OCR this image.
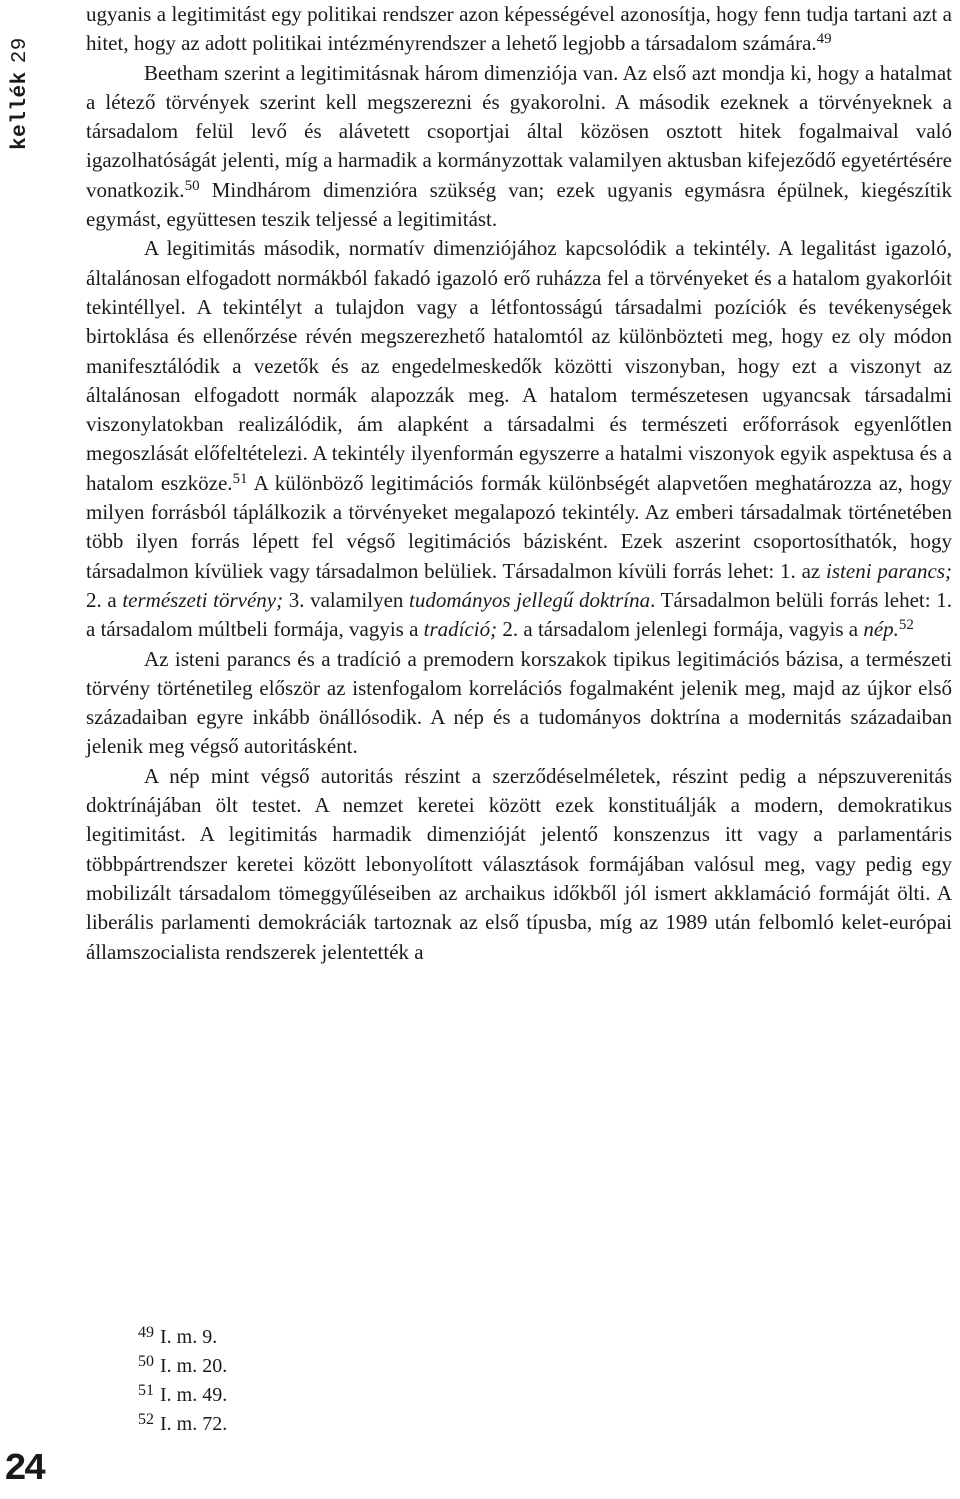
kellék29

ugyanis a legitimitást egy politikai rendszer azon képességével azonosítja, hogy fenn tudja tartani azt a hitet, hogy az adott politikai intézményrendszer a lehető legjobb a társadalom számára.$^{49}$

Beetham szerint a legitimitásnak három dimenziója van. Az első azt mondja ki, hogy a hatalmat a létező törvények szerint kell megszerezni és gyakorolni. A második ezeknek a törvényeknek a társadalom felül levő és alávetett csoportjai által közösen osztott hitek fogalmaival való igazolhatóságát jelenti, míg a harmadik a kormányzottak valamilyen aktusban kifejeződő egyetértésére vonatkozik.$^{50}$ Mindhárom dimenzióra szükség van; ezek ugyanis egymásra épülnek, kiegészítik egymást, együttesen teszik teljessé a legitimitást.

A legitimitás második, normatív dimenziójához kapcsolódik a tekintély. A legalitást igazoló, általánosan elfogadott normákból fakadó igazoló erő ruházza fel a törvényeket és a hatalom gyakorlóit tekintéllyel. A tekintélyt a tulajdon vagy a létfontosságú társadalmi pozíciók és tevékenységek birtoklása és ellenőrzése révén megszerezhető hatalomtól az különbözteti meg, hogy ez oly módon manifesztálódik a vezetők és az engedelmeskedők közötti viszonyban, hogy ezt a viszonyt az általánosan elfogadott normák alapozzák meg. A hatalom természetesen ugyancsak társadalmi viszonylatokban realizálódik, ám alapként a társadalmi és természeti erőforrások egyenlőtlen megoszlását előfeltételezi. A tekintély ilyenformán egyszerre a hatalmi viszonyok egyik aspektusa és a hatalom eszköze.$^{51}$ A különböző legitimációs formák különbségét alapvetően meghatározza az, hogy milyen forrásból táplálkozik a törvényeket megalapozó tekintély. Az emberi társadalmak történetében több ilyen forrás lépett fel végső legitimációs bázisként. Ezek aszerint csoportosíthatók, hogy társadalmon kívüliek vagy társadalmon belüliek. Társadalmon kívüli forrás lehet: 1. az isteni parancs; 2. a természeti törvény; 3. valamilyen tudományos jellegű doktrína. Társadalmon belüli forrás lehet: 1. a társadalom múltbeli formája, vagyis a tradíció; 2. a társadalom jelenlegi formája, vagyis a nép.$^{52}$

Az isteni parancs és a tradíció a premodern korszakok tipikus legitimációs bázisa, a természeti törvény történetileg először az istenfogalom korrelációs fogalmaként jelenik meg, majd az újkor első századaiban egyre inkább önállósodik. A nép és a tudományos doktrína a modernitás századaiban jelenik meg végső autoritásként.

A nép mint végső autoritás részint a szerződéselméletek, részint pedig a népszuverenitás doktrínájában ölt testet. A nemzet keretei között ezek konstituálják a modern, demokratikus legitimitást. A legitimitás harmadik dimenzióját jelentő konszenzus itt vagy a parlamentáris többpártrendszer keretei között lebonyolított választások formájában valósul meg, vagy pedig egy mobilizált társadalom tömeggyűléseiben az archaikus időkből jól ismert akklamáció formáját ölti. A liberális parlamenti demokráciák tartoznak az első típusba, míg az 1989 után felbomló kelet-európai államszocialista rendszerek jelentették a

$^{49}$ I. m. 9.
$^{50}$ I. m. 20.
$^{51}$ I. m. 49.
$^{52}$ I. m. 72.
24
